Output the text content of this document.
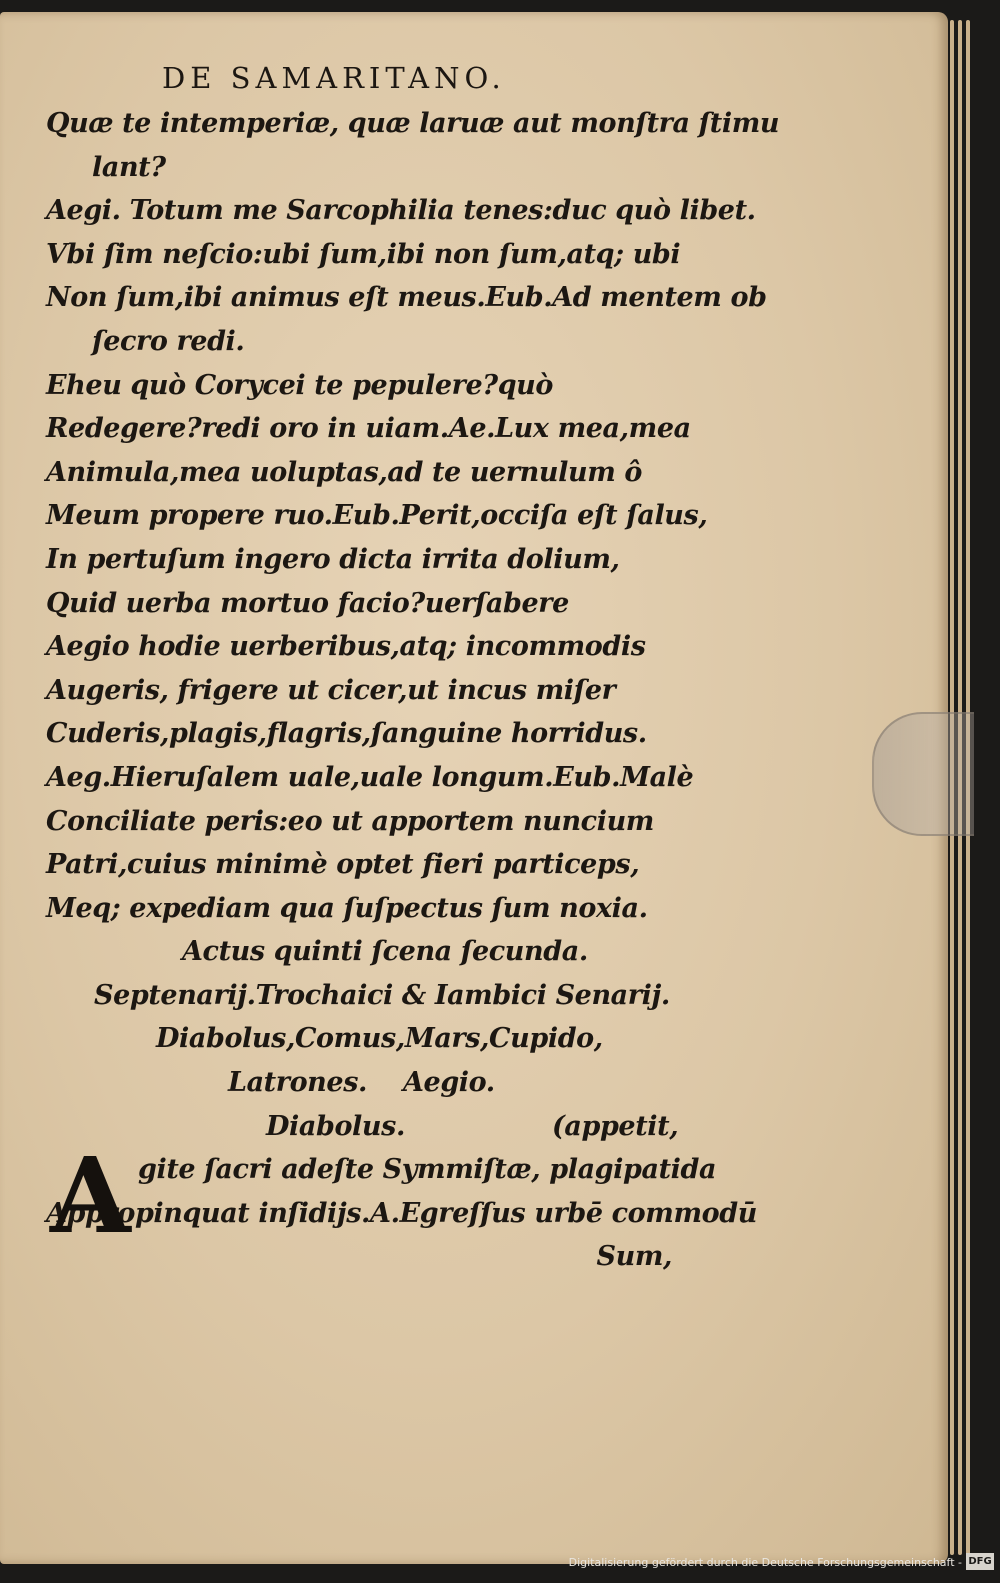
DE SAMARITANO.
Quæ te intemperiæ, quæ laruæ aut monſtra ſtimu
lant?
Aegi. Totum me Sarcophilia tenes:duc quò libet.
Vbi ſim neſcio:ubi ſum,ibi non ſum,atq; ubi
Non ſum,ibi animus eſt meus.Eub.Ad mentem ob
ſecro redi.
Eheu quò Corycei te pepulere?quò
Redegere?redi oro in uiam.Ae.Lux mea,mea
Animula,mea uoluptas,ad te uernulum ô
Meum propere ruo.Eub.Perit,occiſa eſt ſalus,
In pertuſum ingero dicta irrita dolium,
Quid uerba mortuo facio?uerſabere
Aegio hodie uerberibus,atq; incommodis
Augeris, frigere ut cicer,ut incus miſer
Cuderis,plagis,flagris,ſanguine horridus.
Aeg.Hieruſalem uale,uale longum.Eub.Malè
Conciliate peris:eo ut apportem nuncium
Patri,cuius minimè optet fieri particeps,
Meq; expediam qua ſuſpectus ſum noxia.
Actus quinti ſcena ſecunda.
Septenarij.Trochaici & Iambici Senarij.
Diabolus,Comus,Mars,Cupido,
Latrones.    Aegio.
Diabolus.	(appetit,
A gite ſacri adeſte Symmiſtæ, plagipatida
Appropinquat inſidijs.A.Egreſſus urbē commodū
Sum,
Digitalisierung gefördert durch die Deutsche Forschungsgemeinschaft - DFG
